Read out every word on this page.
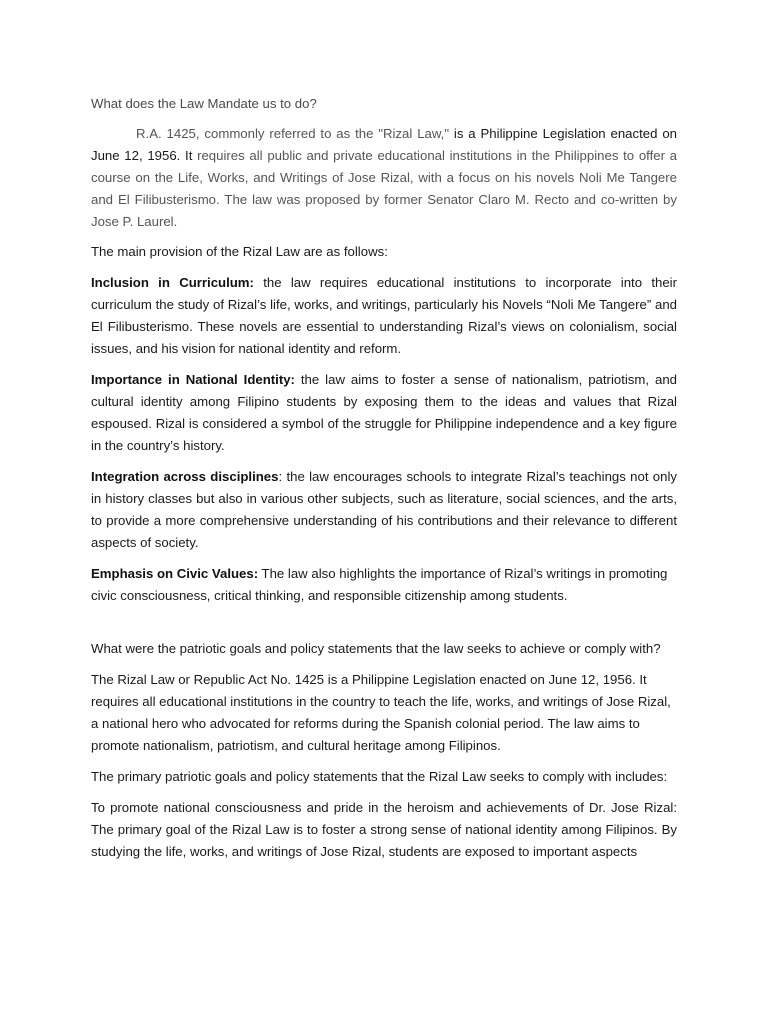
What does the Law Mandate us to do?

R.A. 1425, commonly referred to as the "Rizal Law," is a Philippine Legislation enacted on June 12, 1956. It requires all public and private educational institutions in the Philippines to offer a course on the Life, Works, and Writings of Jose Rizal, with a focus on his novels Noli Me Tangere and El Filibusterismo. The law was proposed by former Senator Claro M. Recto and co-written by Jose P. Laurel.

The main provision of the Rizal Law are as follows:

Inclusion in Curriculum: the law requires educational institutions to incorporate into their curriculum the study of Rizal’s life, works, and writings, particularly his Novels “Noli Me Tangere” and El Filibusterismo. These novels are essential to understanding Rizal’s views on colonialism, social issues, and his vision for national identity and reform.

Importance in National Identity: the law aims to foster a sense of nationalism, patriotism, and cultural identity among Filipino students by exposing them to the ideas and values that Rizal espoused. Rizal is considered a symbol of the struggle for Philippine independence and a key figure in the country’s history.

Integration across disciplines: the law encourages schools to integrate Rizal’s teachings not only in history classes but also in various other subjects, such as literature, social sciences, and the arts, to provide a more comprehensive understanding of his contributions and their relevance to different aspects of society.

Emphasis on Civic Values: The law also highlights the importance of Rizal’s writings in promoting civic consciousness, critical thinking, and responsible citizenship among students.

What were the patriotic goals and policy statements that the law seeks to achieve or comply with?

The Rizal Law or Republic Act No. 1425 is a Philippine Legislation enacted on June 12, 1956. It requires all educational institutions in the country to teach the life, works, and writings of Jose Rizal, a national hero who advocated for reforms during the Spanish colonial period. The law aims to promote nationalism, patriotism, and cultural heritage among Filipinos.

The primary patriotic goals and policy statements that the Rizal Law seeks to comply with includes:

To promote national consciousness and pride in the heroism and achievements of Dr. Jose Rizal: The primary goal of the Rizal Law is to foster a strong sense of national identity among Filipinos. By studying the life, works, and writings of Jose Rizal, students are exposed to important aspects
